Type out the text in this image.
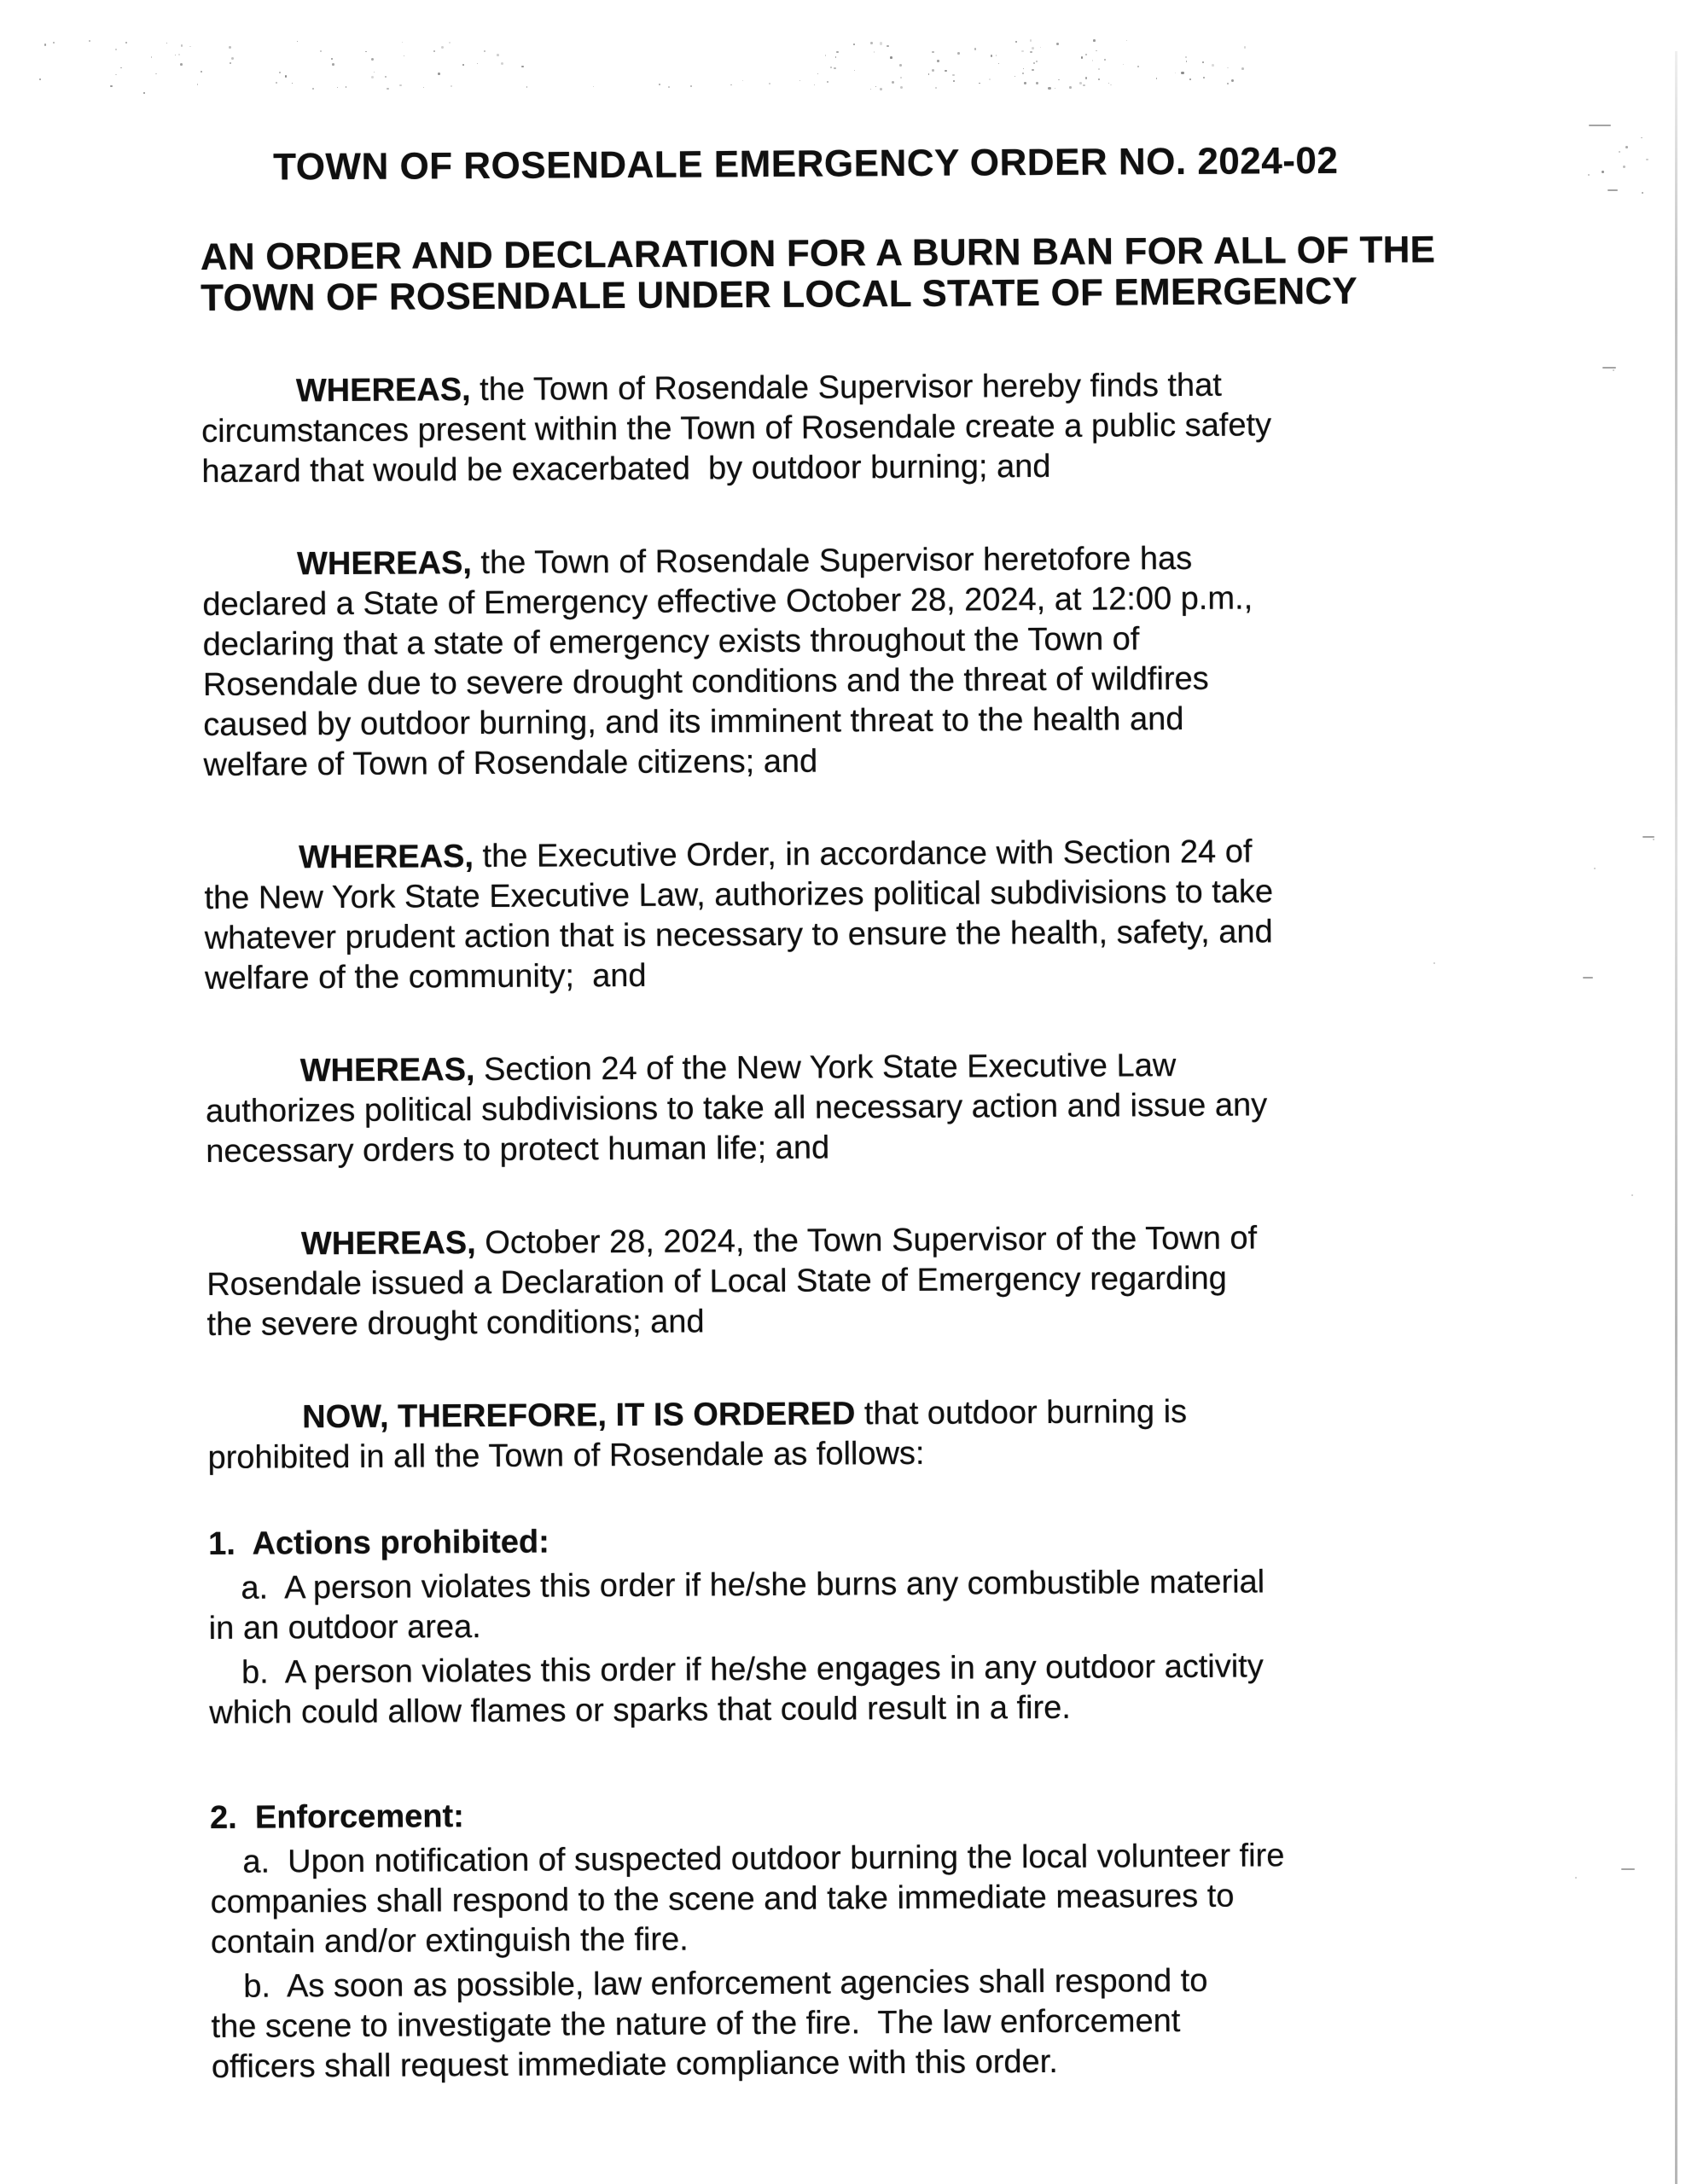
TOWN OF ROSENDALE EMERGENCY ORDER NO. 2024-02
AN ORDER AND DECLARATION FOR A BURN BAN FOR ALL OF THE
TOWN OF ROSENDALE UNDER LOCAL STATE OF EMERGENCY
WHEREAS, the Town of Rosendale Supervisor hereby finds that
circumstances present within the Town of Rosendale create a public safety
hazard that would be exacerbated  by outdoor burning; and
WHEREAS, the Town of Rosendale Supervisor heretofore has
declared a State of Emergency effective October 28, 2024, at 12:00 p.m.,
declaring that a state of emergency exists throughout the Town of
Rosendale due to severe drought conditions and the threat of wildfires
caused by outdoor burning, and its imminent threat to the health and
welfare of Town of Rosendale citizens; and
WHEREAS, the Executive Order, in accordance with Section 24 of
the New York State Executive Law, authorizes political subdivisions to take
whatever prudent action that is necessary to ensure the health, safety, and
welfare of the community;  and
WHEREAS, Section 24 of the New York State Executive Law
authorizes political subdivisions to take all necessary action and issue any
necessary orders to protect human life; and
WHEREAS, October 28, 2024, the Town Supervisor of the Town of
Rosendale issued a Declaration of Local State of Emergency regarding
the severe drought conditions; and
NOW, THEREFORE, IT IS ORDERED that outdoor burning is
prohibited in all the Town of Rosendale as follows:
1.  Actions prohibited:
a.  A person violates this order if he/she burns any combustible material
in an outdoor area.
b.  A person violates this order if he/she engages in any outdoor activity
which could allow flames or sparks that could result in a fire.
2.  Enforcement:
a.  Upon notification of suspected outdoor burning the local volunteer fire
companies shall respond to the scene and take immediate measures to
contain and/or extinguish the fire.
b.  As soon as possible, law enforcement agencies shall respond to
the scene to investigate the nature of the fire.  The law enforcement
officers shall request immediate compliance with this order.
